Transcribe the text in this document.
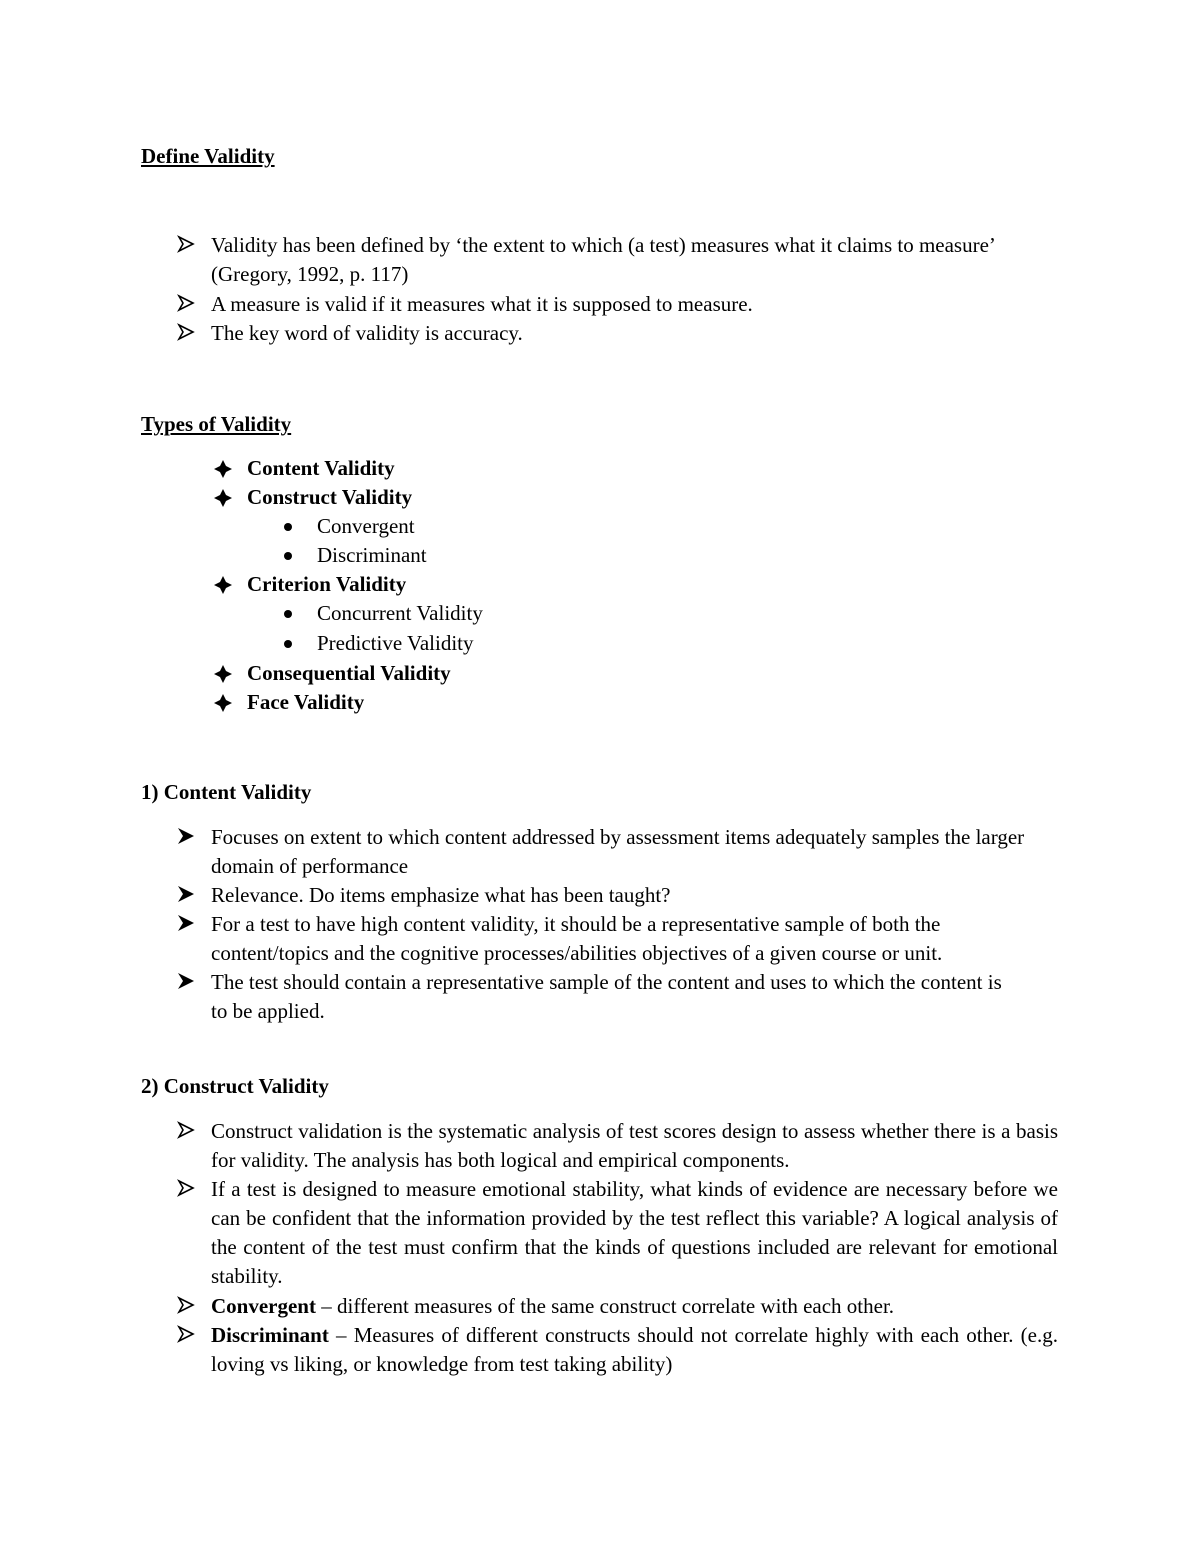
Define Validity
Validity has been defined by ‘the extent to which (a test) measures what it claims to measure’ (Gregory, 1992, p. 117)
A measure is valid if it measures what it is supposed to measure.
The key word of validity is accuracy.
Types of Validity
Content Validity
Construct Validity
Convergent
Discriminant
Criterion Validity
Concurrent Validity
Predictive Validity
Consequential Validity
Face Validity
1) Content Validity
Focuses on extent to which content addressed by assessment items adequately samples the larger domain of performance
Relevance. Do items emphasize what has been taught?
For a test to have high content validity, it should be a representative sample of both the content/topics and the cognitive processes/abilities objectives of a given course or unit.
The test should contain a representative sample of the content and uses to which the content is to be applied.
2) Construct Validity
Construct validation is the systematic analysis of test scores design to assess whether there is a basis for validity. The analysis has both logical and empirical components.
If a test is designed to measure emotional stability, what kinds of evidence are necessary before we can be confident that the information provided by the test reflect this variable? A logical analysis of the content of the test must confirm that the kinds of questions included are relevant for emotional stability.
Convergent – different measures of the same construct correlate with each other.
Discriminant – Measures of different constructs should not correlate highly with each other. (e.g. loving vs liking, or knowledge from test taking ability)
